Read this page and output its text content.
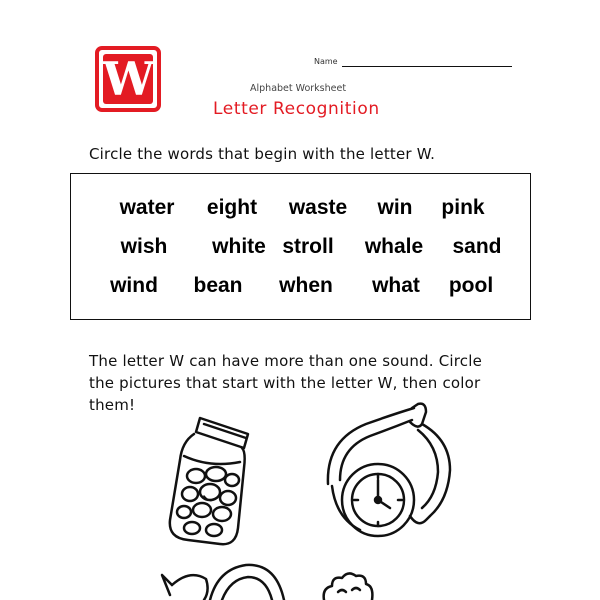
W	Name
Alphabet Worksheet
Letter Recognition
Circle the words that begin with the letter W.
water eight waste win pink
wish white stroll whale sand
wind bean when what pool
The letter W can have more than one sound. Circle
the pictures that start with the letter W, then color
them!
